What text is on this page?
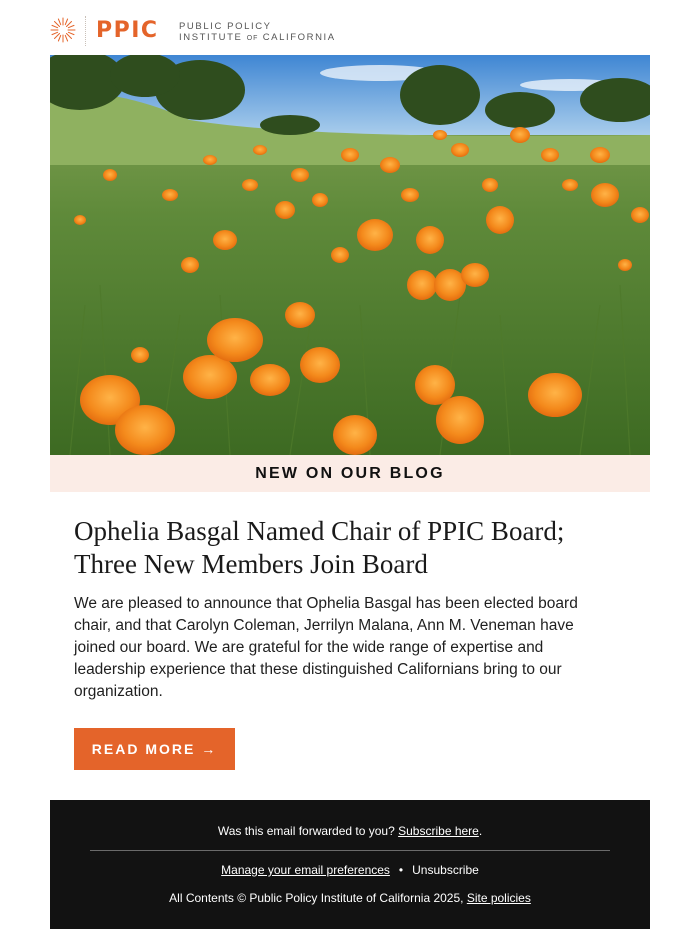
PPIC PUBLIC POLICY
INSTITUTE OF CALIFORNIA
NEW ON OUR BLOG
Ophelia Basgal Named Chair of PPIC Board;
Three New Members Join Board

We are pleased to announce that Ophelia Basgal has been elected board chair, and that Carolyn Coleman, Jerrilyn Malana, Ann M. Veneman have joined our board. We are grateful for the wide range of expertise and leadership experience that these distinguished Californians bring to our organization.

READ MORE →
Was this email forwarded to you? Subscribe here.
Manage your email preferences • Unsubscribe
All Contents © Public Policy Institute of California 2025, Site policies
